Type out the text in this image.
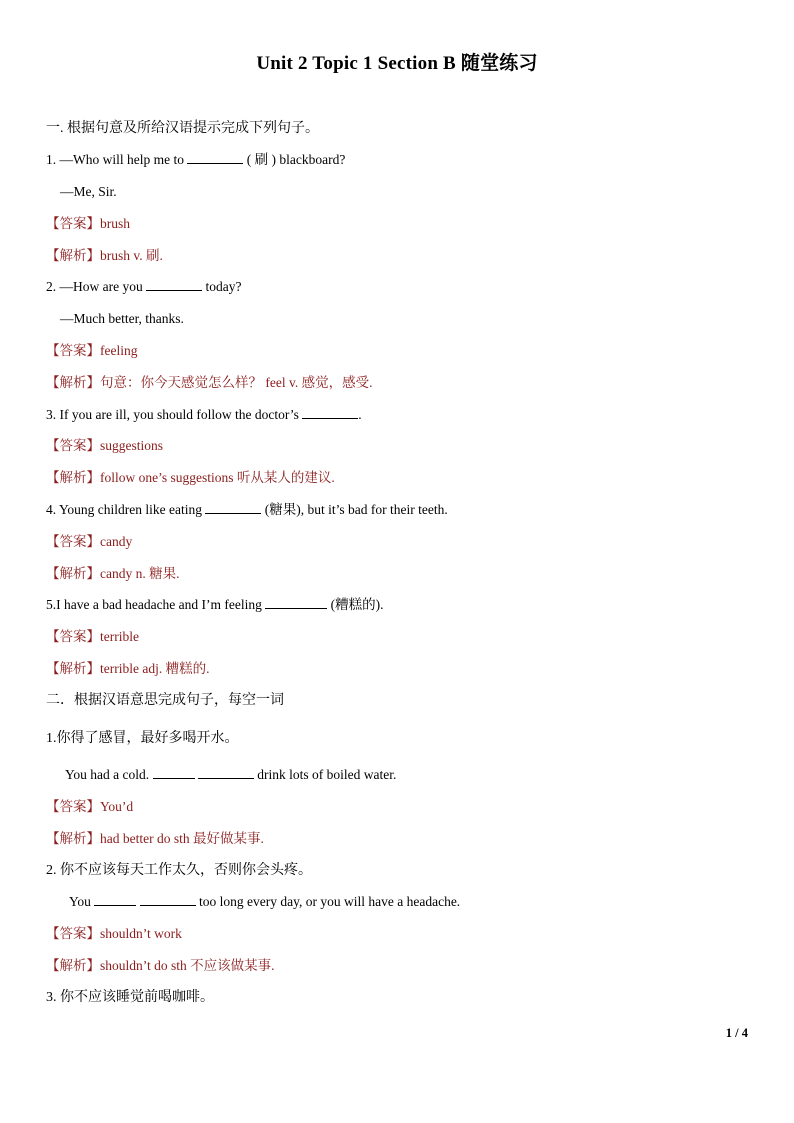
Unit 2 Topic 1 Section B 随堂练习
一. 根据句意及所给汉语提示完成下列句子。
1. —Who will help me to	( 刷 ) blackboard?
—Me, Sir.
【答案】brush
【解析】brush v. 刷.
2. —How are you	today?
—Much better, thanks.
【答案】feeling
【解析】句意：你今天感觉怎么样？ feel v. 感觉，感受.
3. If you are ill, you should follow the doctor’s	.
【答案】suggestions
【解析】follow one’s suggestions 听从某人的建议.
4. Young children like eating	(糖果), but it’s bad for their teeth.
【答案】candy
【解析】candy n. 糖果.
5.I have a bad headache and I’m feeling	(糟糕的).
【答案】terrible
【解析】terrible adj. 糟糕的.
二．根据汉语意思完成句子，每空一词
1.你得了感冒，最好多喝开水。
You had a cold.	drink lots of boiled water.
【答案】You’d
【解析】had better do sth 最好做某事.
2. 你不应该每天工作太久，否则你会头疼。
You	too long every day, or you will have a headache.
【答案】shouldn’t work
【解析】shouldn’t do sth 不应该做某事.
3. 你不应该睡觉前喝咖啡。
1 / 4
